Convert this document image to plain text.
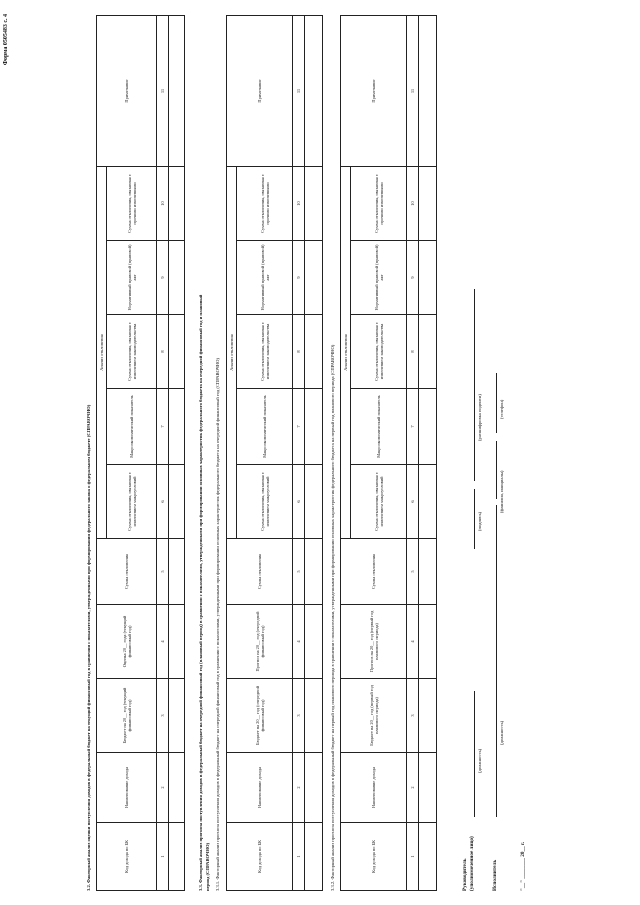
Форма 0505483 с. 4
3.2. Факторный анализ оценки поступления доходов в федеральный бюджет на текущий финансовый год в сравнении с показателями, утвержденными при формировании федерального закона о федеральном бюджете (СПРАВОЧНО)	Код дохода по БК	Наименование дохода	Бюджет на 20__ год (текущий финансовый год)	Оценка 20__ года (текущий финансовый год)	Сумма отклонения	Анализ отклонения					Примечание
					Сумма отклонения, связанная с изменением макроусловий	Макроэкономический показатель	Сумма отклонения, связанная с изменением законодательства	Нормативный правовой (правовой) акт	Сумма отклонения, связанная с прочими изменениями	
1	2	3	4	5	6	7	8	9	10	11

3.3. Факторный анализ прогноза поступления доходов в федеральный бюджет на очередной финансовый год (плановый период) в сравнении с показателями, утвержденными при формировании основных характеристик федерального бюджета на очередной финансовый год и плановый период (СПРАВОЧНО) 3.3.1. Факторный анализ прогноза поступления доходов в федеральный бюджет на очередной финансовый год в сравнении с показателями, утвержденными при формировании основных характеристик федерального бюджета на очередной финансовый год (СПРАВОЧНО)	Код дохода по БК	Наименование дохода	Бюджет на 20__ год (очередной финансовый год)	Прогноз на 20__ год (очередной финансовый год)	Сумма отклонения	Анализ отклонения					Примечание
					Сумма отклонения, связанная с изменением макроусловий	Макроэкономический показатель	Сумма отклонения, связанная с изменением законодательства	Нормативный правовой (правовой) акт	Сумма отклонения, связанная с прочими изменениями	
1	2	3	4	5	6	7	8	9	10	11

3.3.2. Факторный анализ прогноза поступления доходов в федеральный бюджет на первый год планового периода в сравнении с показателями, утвержденными при формировании основных характеристик федерального бюджета на первый год планового периода (СПРАВОЧНО)	Код дохода по БК	Наименование дохода	Бюджет на 20__ год (первый год планового периода)	Прогноз на 20__ год (первый год планового периода)	Сумма отклонения	Анализ отклонения					Примечание
					Сумма отклонения, связанная с изменением макроусловий	Макроэкономический показатель	Сумма отклонения, связанная с изменением законодательства	Нормативный правовой (правовой) акт	Сумма отклонения, связанная с прочими изменениями	
1	2	3	4	5	6	7	8	9	10	11

Руководитель (уполномоченное лицо)
(должность)
(подпись)
(расшифровка подписи)
Исполнитель
(должность)
(фамилия, инициалы)
(телефон)
"__" ________ 20__ г.
